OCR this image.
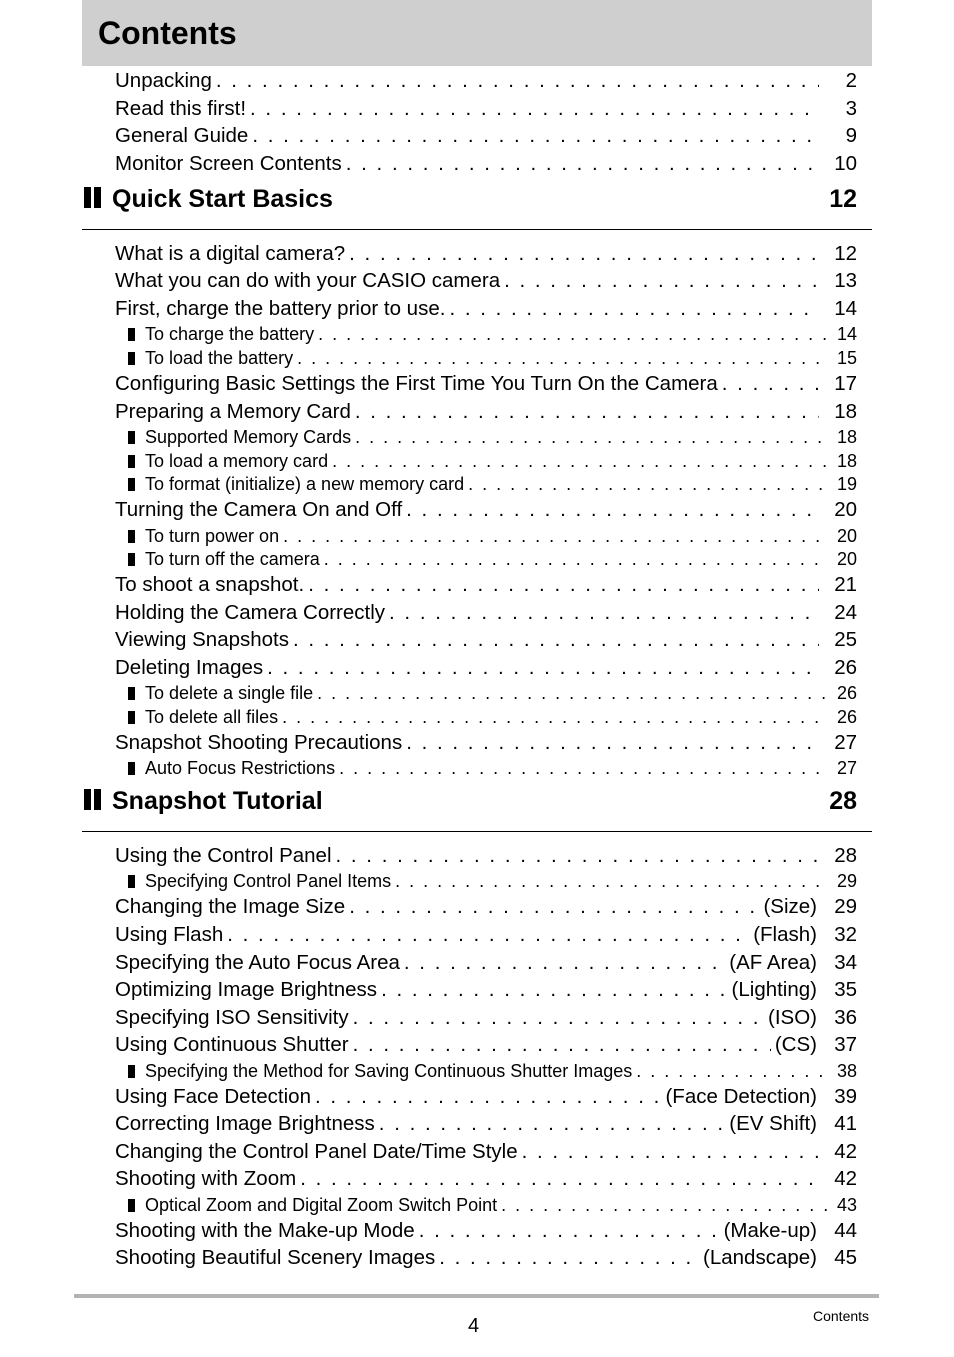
Contents
Unpacking . . .	2
Read this first! . . .	3
General Guide . . .	9
Monitor Screen Contents . . .	10
Quick Start Basics	12
What is a digital camera? . . .	12
What you can do with your CASIO camera . . .	13
First, charge the battery prior to use. . . .	14
To charge the battery . . .	14
To load the battery . . .	15
Configuring Basic Settings the First Time You Turn On the Camera . . .	17
Preparing a Memory Card . . .	18
Supported Memory Cards . . .	18
To load a memory card . . .	18
To format (initialize) a new memory card . . .	19
Turning the Camera On and Off . . .	20
To turn power on . . .	20
To turn off the camera . . .	20
To shoot a snapshot. . . .	21
Holding the Camera Correctly . . .	24
Viewing Snapshots . . .	25
Deleting Images . . .	26
To delete a single file . . .	26
To delete all files . . .	26
Snapshot Shooting Precautions . . .	27
Auto Focus Restrictions . . .	27
Snapshot Tutorial	28
Using the Control Panel . . .	28
Specifying Control Panel Items . . .	29
Changing the Image Size . . .	(Size) 29
Using Flash . . .	(Flash) 32
Specifying the Auto Focus Area . . .	(AF Area) 34
Optimizing Image Brightness . . .	(Lighting) 35
Specifying ISO Sensitivity . . .	(ISO) 36
Using Continuous Shutter . . .	(CS) 37
Specifying the Method for Saving Continuous Shutter Images . . .	38
Using Face Detection . . .	(Face Detection) 39
Correcting Image Brightness . . .	(EV Shift) 41
Changing the Control Panel Date/Time Style . . .	42
Shooting with Zoom . . .	42
Optical Zoom and Digital Zoom Switch Point . . .	43
Shooting with the Make-up Mode . . .	(Make-up) 44
Shooting Beautiful Scenery Images . . .	(Landscape) 45
4	Contents
